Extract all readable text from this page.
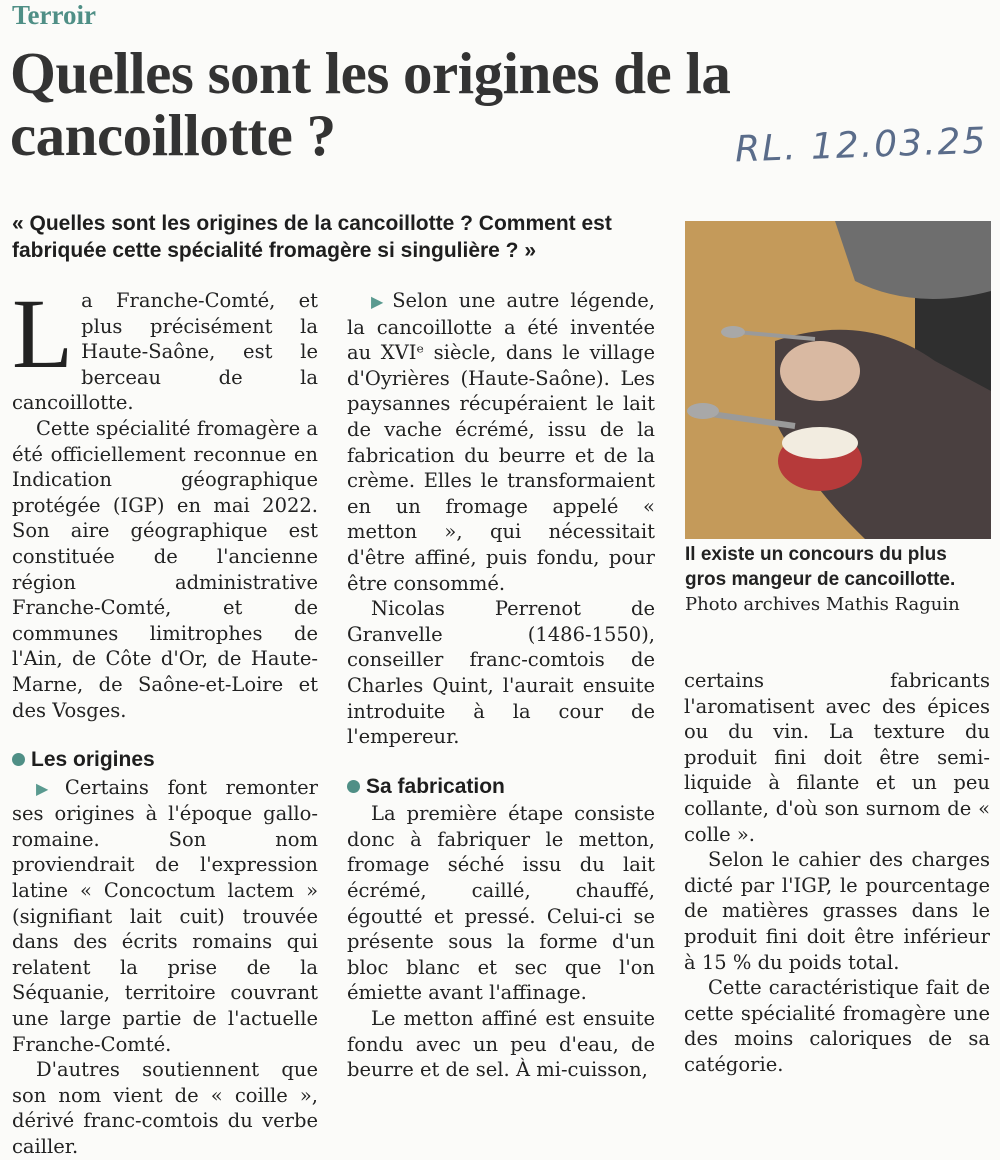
Terroir
Quelles sont les origines de la cancoillotte ?	RL. 12.03.25

« Quelles sont les origines de la cancoillotte ? Comment est fabriquée cette spécialité fromagère si singulière ? »

La Franche-Comté, et plus précisément la Haute-Saône, est le berceau de la cancoillotte.

Cette spécialité fromagère a été officiellement reconnue en Indication géographique protégée (IGP) en mai 2022. Son aire géographique est constituée de l'ancienne région administrative Franche-Comté, et de communes limitrophes de l'Ain, de Côte d'Or, de Haute-Marne, de Saône-et-Loire et des Vosges.

Les origines

▶ Certains font remonter ses origines à l'époque gallo-romaine. Son nom proviendrait de l'expression latine « Concoctum lactem » (signifiant lait cuit) trouvée dans des écrits romains qui relatent la prise de la Séquanie, territoire couvrant une large partie de l'actuelle Franche-Comté.

D'autres soutiennent que son nom vient de « coille », dérivé franc-comtois du verbe cailler.

▶ Selon une autre légende, la cancoillotte a été inventée au XVIᵉ siècle, dans le village d'Oyrières (Haute-Saône). Les paysannes récupéraient le lait de vache écrémé, issu de la fabrication du beurre et de la crème. Elles le transformaient en un fromage appelé « metton », qui nécessitait d'être affiné, puis fondu, pour être consommé.

Nicolas Perrenot de Granvelle (1486-1550), conseiller franc-comtois de Charles Quint, l'aurait ensuite introduite à la cour de l'empereur.

Sa fabrication

La première étape consiste donc à fabriquer le metton, fromage séché issu du lait écrémé, caillé, chauffé, égoutté et pressé. Celui-ci se présente sous la forme d'un bloc blanc et sec que l'on émiette avant l'affinage.

Le metton affiné est ensuite fondu avec un peu d'eau, de beurre et de sel. À mi-cuisson,

Il existe un concours du plus gros mangeur de cancoillotte. Photo archives Mathis Raguin

certains fabricants l'aromatisent avec des épices ou du vin. La texture du produit fini doit être semi-liquide à filante et un peu collante, d'où son surnom de « colle ».

Selon le cahier des charges dicté par l'IGP, le pourcentage de matières grasses dans le produit fini doit être inférieur à 15 % du poids total.

Cette caractéristique fait de cette spécialité fromagère une des moins caloriques de sa catégorie.
